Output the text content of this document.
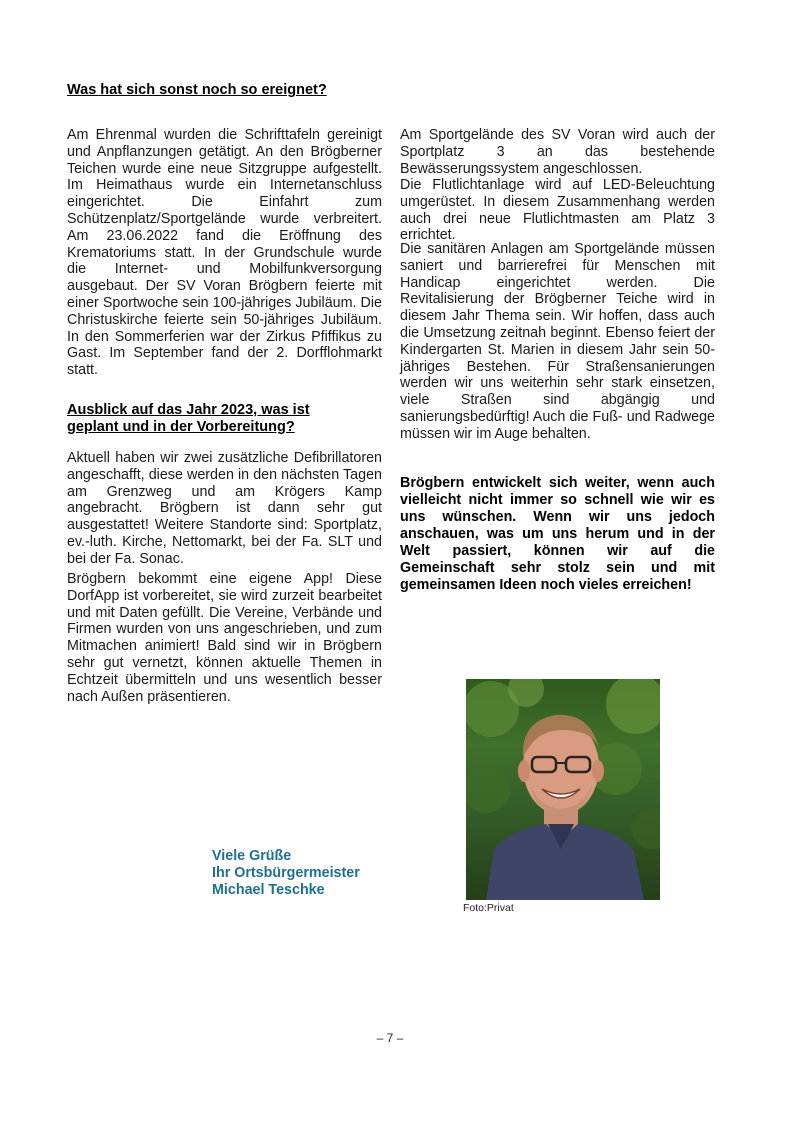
Was hat sich sonst noch so ereignet?

Am Ehrenmal wurden die Schrifttafeln gereinigt und Anpflanzungen getätigt. An den Brögberner Teichen wurde eine neue Sitzgruppe aufgestellt. Im Heimathaus wurde ein Internetanschluss eingerichtet. Die Einfahrt zum Schützenplatz/Sportgelände wurde verbreitert. Am 23.06.2022 fand die Eröffnung des Krematoriums statt. In der Grundschule wurde die Internet- und Mobilfunkversorgung ausgebaut. Der SV Voran Brögbern feierte mit einer Sportwoche sein 100-jähriges Jubiläum. Die Christuskirche feierte sein 50-jähriges Jubiläum. In den Sommerferien war der Zirkus Pfiffikus zu Gast. Im September fand der 2. Dorfflohmarkt statt.

Ausblick auf das Jahr 2023, was ist
geplant und in der Vorbereitung?

Aktuell haben wir zwei zusätzliche Defibrillatoren angeschafft, diese werden in den nächsten Tagen am Grenzweg und am Krögers Kamp angebracht. Brögbern ist dann sehr gut ausgestattet! Weitere Standorte sind: Sportplatz, ev.-luth. Kirche, Nettomarkt, bei der Fa. SLT und bei der Fa. Sonac.

Brögbern bekommt eine eigene App! Diese DorfApp ist vorbereitet, sie wird zurzeit bearbeitet und mit Daten gefüllt. Die Vereine, Verbände und Firmen wurden von uns angeschrieben, und zum Mitmachen animiert! Bald sind wir in Brögbern sehr gut vernetzt, können aktuelle Themen in Echtzeit übermitteln und uns wesentlich besser nach Außen präsentieren.

Viele Grüße
Ihr Ortsbürgermeister
Michael Teschke

Am Sportgelände des SV Voran wird auch der Sportplatz 3 an das bestehende Bewässerungssystem angeschlossen.

Die Flutlichtanlage wird auf LED-Beleuchtung umgerüstet. In diesem Zusammenhang werden auch drei neue Flutlichtmasten am Platz 3 errichtet.

Die sanitären Anlagen am Sportgelände müssen saniert und barrierefrei für Menschen mit Handicap eingerichtet werden. Die Revitalisierung der Brögberner Teiche wird in diesem Jahr Thema sein. Wir hoffen, dass auch die Umsetzung zeitnah beginnt. Ebenso feiert der Kindergarten St. Marien in diesem Jahr sein 50-jähriges Bestehen. Für Straßensanierungen werden wir uns weiterhin sehr stark einsetzen, viele Straßen sind abgängig und sanierungsbedürftig! Auch die Fuß- und Radwege müssen wir im Auge behalten.

Brögbern entwickelt sich weiter, wenn auch vielleicht nicht immer so schnell wie wir es uns wünschen. Wenn wir uns jedoch anschauen, was um uns herum und in der Welt passiert, können wir auf die Gemeinschaft sehr stolz sein und mit gemeinsamen Ideen noch vieles erreichen!

Foto:Privat
– 7 –
